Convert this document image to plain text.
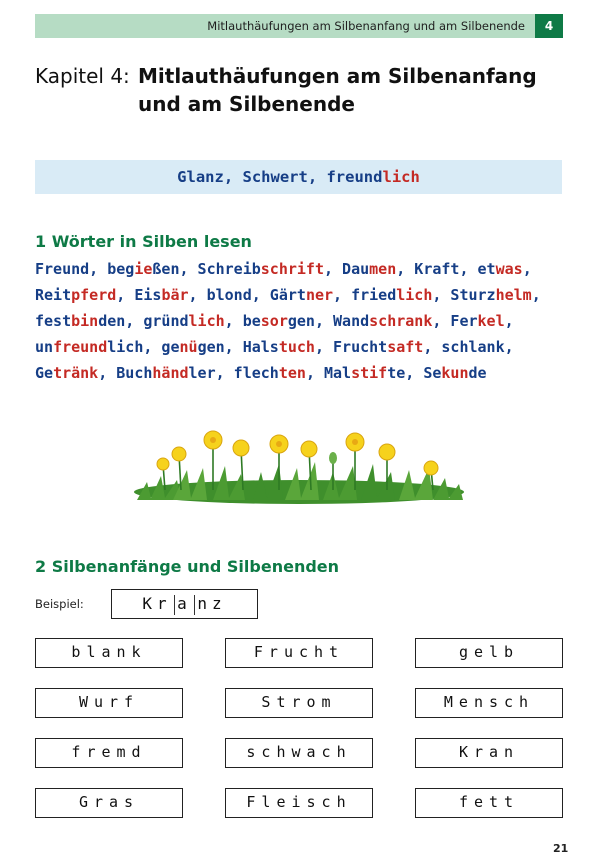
Mitlauthäufungen am Silbenanfang und am Silbenende	4
Kapitel 4: Mitlauthäufungen am Silbenanfang und am Silbenende
Glanz, Schwert, freundlich
1 Wörter in Silben lesen
Freund, begießen, Schreibschrift, Daumen, Kraft, etwas,
Reitpferd, Eisbär, blond, Gärtner, friedlich, Sturzhelm,
festbinden, gründlich, besorgen, Wandschrank, Ferkel,
unfreundlich, genügen, Halstuch, Fruchtsaft, schlank,
Getränk, Buchhändler, flechten, Malstifte, Sekunde
2 Silbenanfänge und Silbenenden
Beispiel:	Kr a nz
blank	Frucht	gelb
Wurf	Strom	Mensch
fremd	schwach	Kran
Gras	Fleisch	fett
21
